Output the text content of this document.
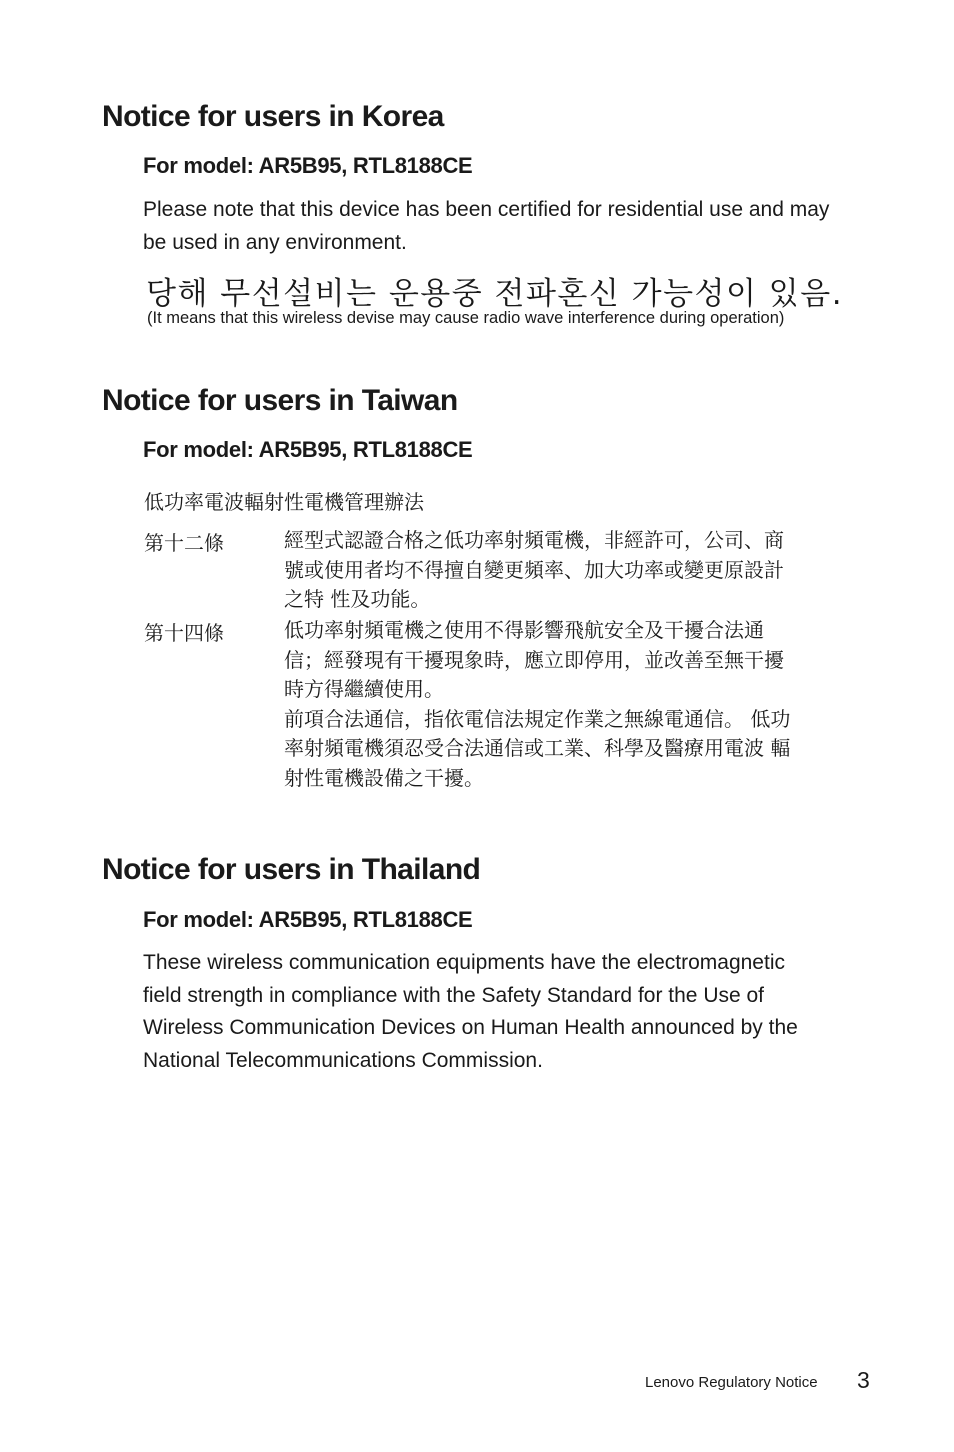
Notice for users in Korea
For model: AR5B95, RTL8188CE

Please note that this device has been certified for residential use and may
be used in any environment.

당해 무선설비는 운용중 전파혼신 가능성이 있음.
(It means that this wireless devise may cause radio wave interference during operation)
Notice for users in Taiwan
For model: AR5B95, RTL8188CE
低功率電波輻射性電機管理辦法
第十二條	經型式認證合格之低功率射頻電機，非經許可，公司、商
號或使用者均不得擅自變更頻率、加大功率或變更原設計
之特 性及功能。
第十四條	低功率射頻電機之使用不得影響飛航安全及干擾合法通
信；經發現有干擾現象時，應立即停用，並改善至無干擾
時方得繼續使用。
前項合法通信，指依電信法規定作業之無線電通信。 低功
率射頻電機須忍受合法通信或工業、科學及醫療用電波 輻
射性電機設備之干擾。
Notice for users in Thailand
For model: AR5B95, RTL8188CE

These wireless communication equipments have the electromagnetic
field strength in compliance with the Safety Standard for the Use of
Wireless Communication Devices on Human Health announced by the
National Telecommunications Commission.

Lenovo Regulatory Notice 3
